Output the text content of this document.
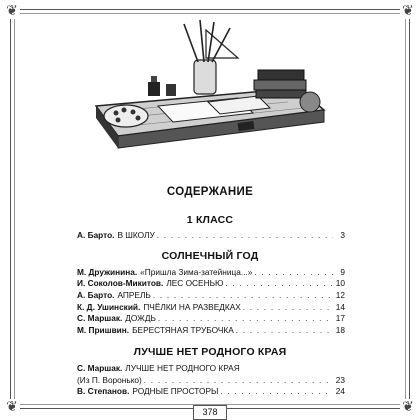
❦	❦
❦	❦
СОДЕРЖАНИЕ
1 КЛАСС
А. Барто. В ШКОЛУ . . .	3
СОЛНЕЧНЫЙ ГОД
М. Дружинина. «Пришла Зима-затейница...» . . .	9
И. Соколов-Микитов. ЛЕС ОСЕНЬЮ . . .	10
А. Барто. АПРЕЛЬ . . .	12
К. Д. Ушинский. ПЧЁЛКИ НА РАЗВЕДКАХ . . .	14
С. Маршак. ДОЖДЬ . . .	17
М. Пришвин. БЕРЕСТЯНАЯ ТРУБОЧКА . . .	18
ЛУЧШЕ НЕТ РОДНОГО КРАЯ
С. Маршак. ЛУЧШЕ НЕТ РОДНОГО КРАЯ
(Из П. Воронько) . . .	23
В. Степанов. РОДНЫЕ ПРОСТОРЫ . . .	24
378
